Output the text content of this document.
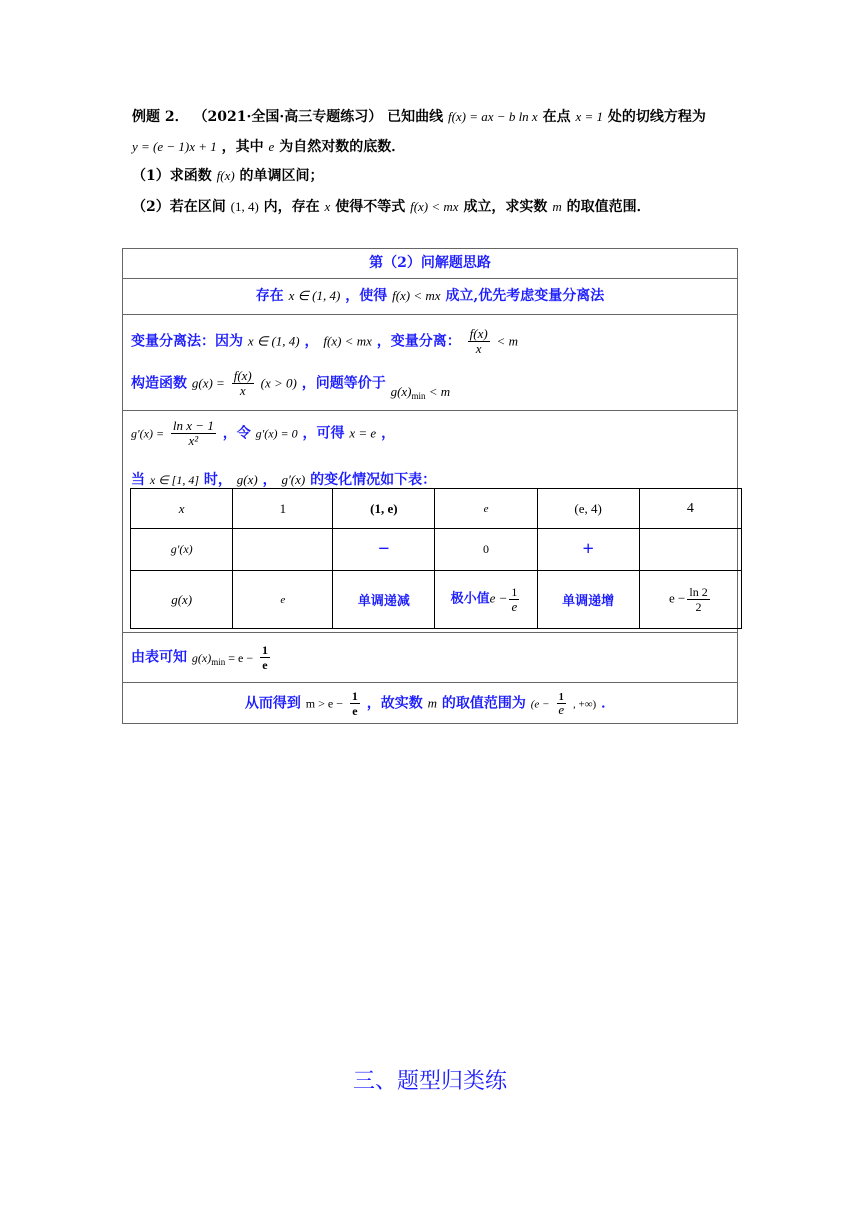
例题 2． （2021·全国·高三专题练习） 已知曲线 f(x) = ax − b ln x 在点 x = 1 处的切线方程为
y = (e − 1)x + 1 ，其中 e 为自然对数的底数．
（1）求函数 f(x) 的单调区间；
（2）若在区间 (1, 4) 内，存在 x 使得不等式 f(x) < mx 成立，求实数 m 的取值范围．
第（2）问解题思路
存在 x ∈ (1, 4) ，使得 f(x) < mx 成立,优先考虑变量分离法
变量分离法：因为 x ∈ (1, 4) ， f(x) < mx ，变量分离： $\frac{f(x)}{x} < m$
构造函数 $g(x) = \frac{f(x)}{x} (x > 0)$ ，问题等价于 $g(x)_{min} < m$
$g'(x) = \frac{\text{ln x − 1}}{\text{x²}}$ ，令 g′(x) = 0 ，可得 x = e ，
当 x ∈ [1, 4] 时， g(x) ， g′(x) 的变化情况如下表：
由表可知 $g(x)_{min} = e - \frac{1}{e}$
从而得到 $m > e - \frac{1}{e}$ ，故实数 m 的取值范围为 ($e - \frac{1}{e}$ , +∞) ．
x	1	(1, e)	e	(e, 4)	4
g′(x)		−	0	+	
g(x)	e	单调递减	极小值$e - \frac{1}{e}$	单调递增	$e - \frac{\ln 2}{2}$
三、题型归类练
